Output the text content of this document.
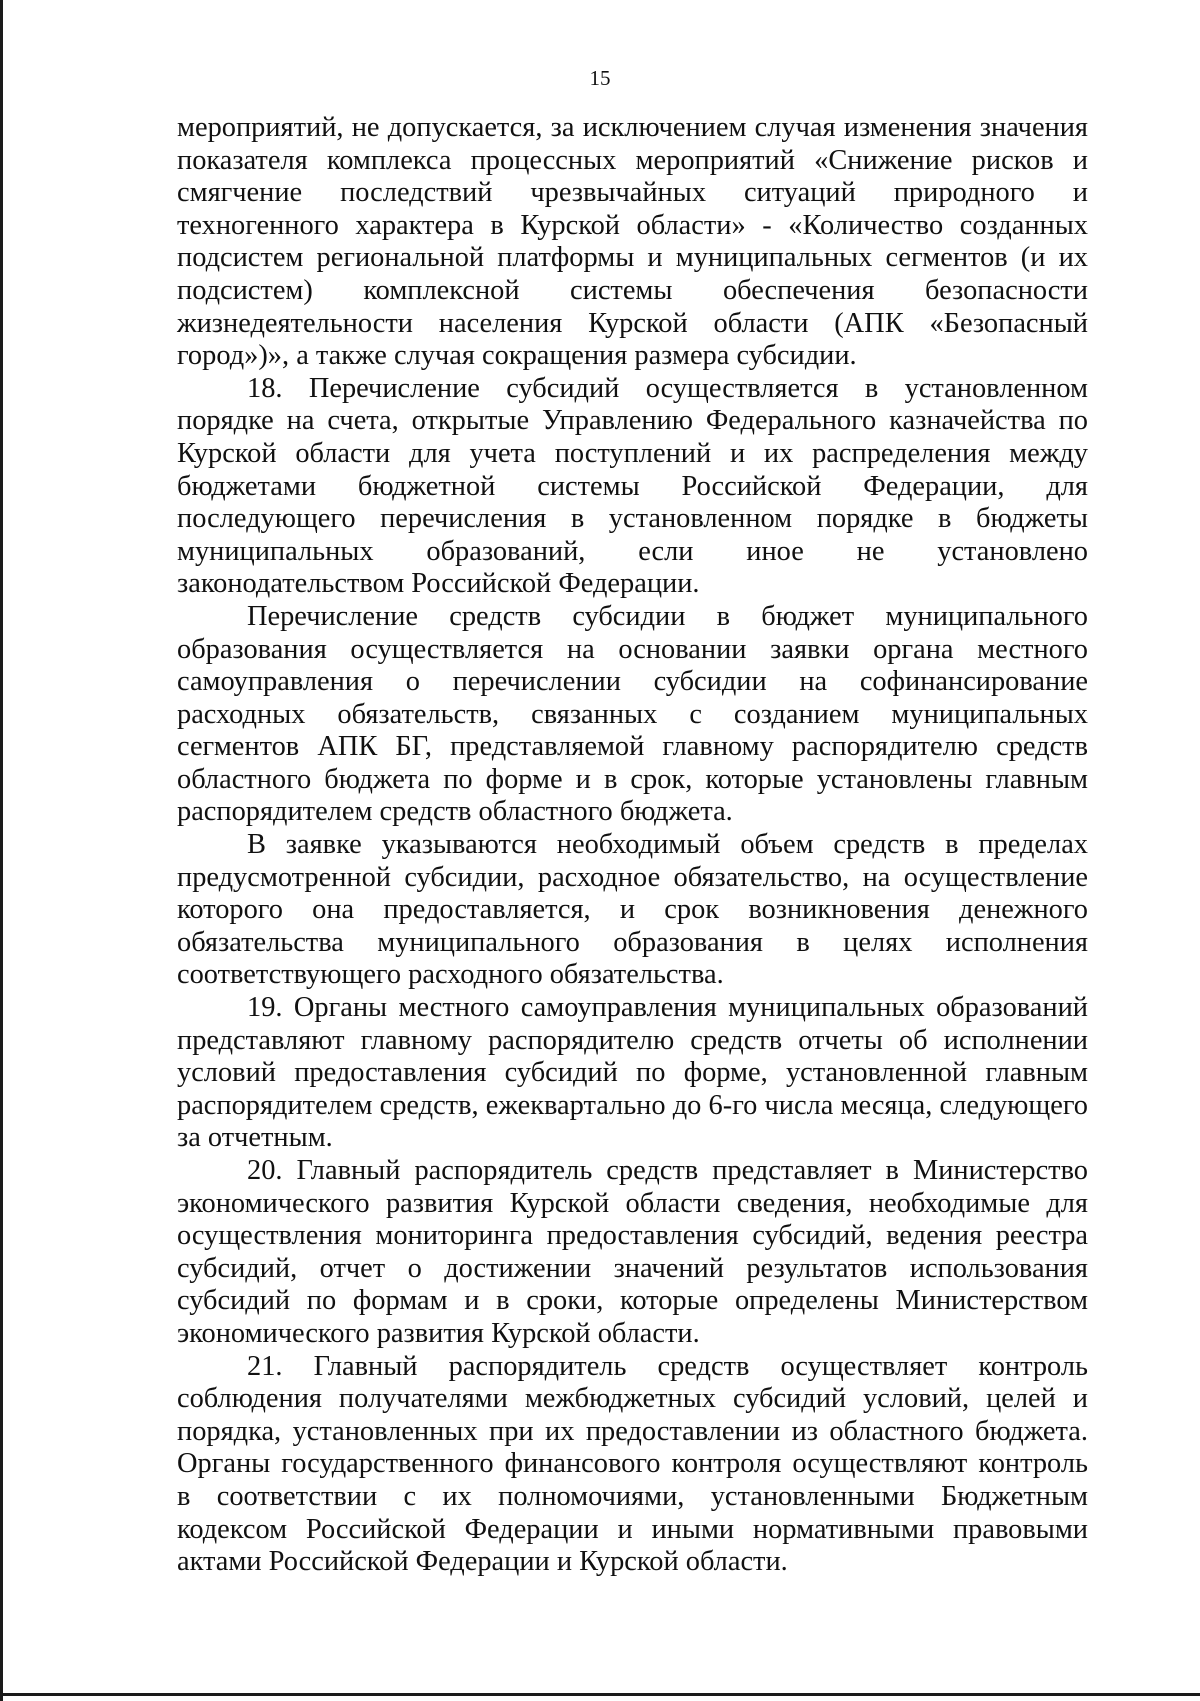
15

мероприятий, не допускается, за исключением случая изменения значения показателя комплекса процессных мероприятий «Снижение рисков и смягчение последствий чрезвычайных ситуаций природного и техногенного характера в Курской области» - «Количество созданных подсистем региональной платформы и муниципальных сегментов (и их подсистем) комплексной системы обеспечения безопасности жизнедеятельности населения Курской области (АПК «Безопасный город»)», а также случая сокращения размера субсидии.

18. Перечисление субсидий осуществляется в установленном порядке на счета, открытые Управлению Федерального казначейства по Курской области для учета поступлений и их распределения между бюджетами бюджетной системы Российской Федерации, для последующего перечисления в установленном порядке в бюджеты муниципальных образований, если иное не установлено законодательством Российской Федерации.

Перечисление средств субсидии в бюджет муниципального образования осуществляется на основании заявки органа местного самоуправления о перечислении субсидии на софинансирование расходных обязательств, связанных с созданием муниципальных сегментов АПК БГ, представляемой главному распорядителю средств областного бюджета по форме и в срок, которые установлены главным распорядителем средств областного бюджета.

В заявке указываются необходимый объем средств в пределах предусмотренной субсидии, расходное обязательство, на осуществление которого она предоставляется, и срок возникновения денежного обязательства муниципального образования в целях исполнения соответствующего расходного обязательства.

19. Органы местного самоуправления муниципальных образований представляют главному распорядителю средств отчеты об исполнении условий предоставления субсидий по форме, установленной главным распорядителем средств, ежеквартально до 6-го числа месяца, следующего за отчетным.

20. Главный распорядитель средств представляет в Министерство экономического развития Курской области сведения, необходимые для осуществления мониторинга предоставления субсидий, ведения реестра субсидий, отчет о достижении значений результатов использования субсидий по формам и в сроки, которые определены Министерством экономического развития Курской области.

21. Главный распорядитель средств осуществляет контроль соблюдения получателями межбюджетных субсидий условий, целей и порядка, установленных при их предоставлении из областного бюджета. Органы государственного финансового контроля осуществляют контроль в соответствии с их полномочиями, установленными Бюджетным кодексом Российской Федерации и иными нормативными правовыми актами Российской Федерации и Курской области.
